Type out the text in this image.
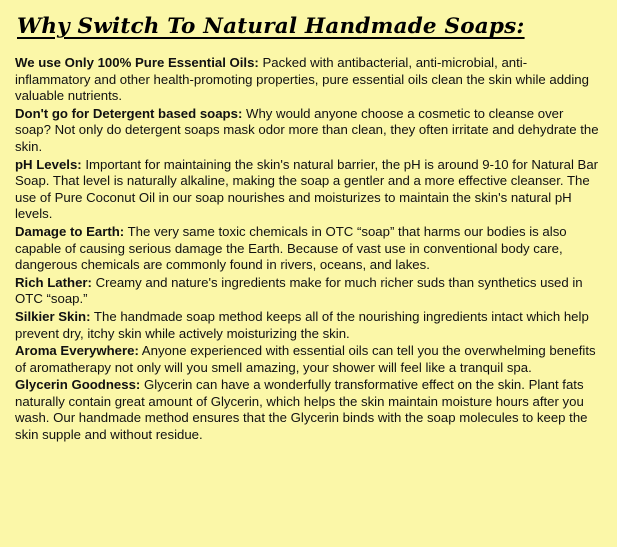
Why Switch To Natural Handmade Soaps:

We use Only 100% Pure Essential Oils: Packed with antibacterial, anti-microbial, anti-inflammatory and other health-promoting properties, pure essential oils clean the skin while adding valuable nutrients.

Don't go for Detergent based soaps: Why would anyone choose a cosmetic to cleanse over soap? Not only do detergent soaps mask odor more than clean, they often irritate and dehydrate the skin.

pH Levels: Important for maintaining the skin's natural barrier, the pH is around 9-10 for Natural Bar Soap. That level is naturally alkaline, making the soap a gentler and a more effective cleanser. The use of Pure Coconut Oil in our soap nourishes and moisturizes to maintain the skin's natural pH levels.

Damage to Earth: The very same toxic chemicals in OTC “soap” that harms our bodies is also capable of causing serious damage the Earth. Because of vast use in conventional body care, dangerous chemicals are commonly found in rivers, oceans, and lakes.

Rich Lather: Creamy and nature's ingredients make for much richer suds than synthetics used in OTC “soap.”

Silkier Skin: The handmade soap method keeps all of the nourishing ingredients intact which help prevent dry, itchy skin while actively moisturizing the skin.

Aroma Everywhere: Anyone experienced with essential oils can tell you the overwhelming benefits of aromatherapy not only will you smell amazing, your shower will feel like a tranquil spa.

Glycerin Goodness: Glycerin can have a wonderfully transformative effect on the skin. Plant fats naturally contain great amount of Glycerin, which helps the skin maintain moisture hours after you wash. Our handmade method ensures that the Glycerin binds with the soap molecules to keep the skin supple and without residue.
